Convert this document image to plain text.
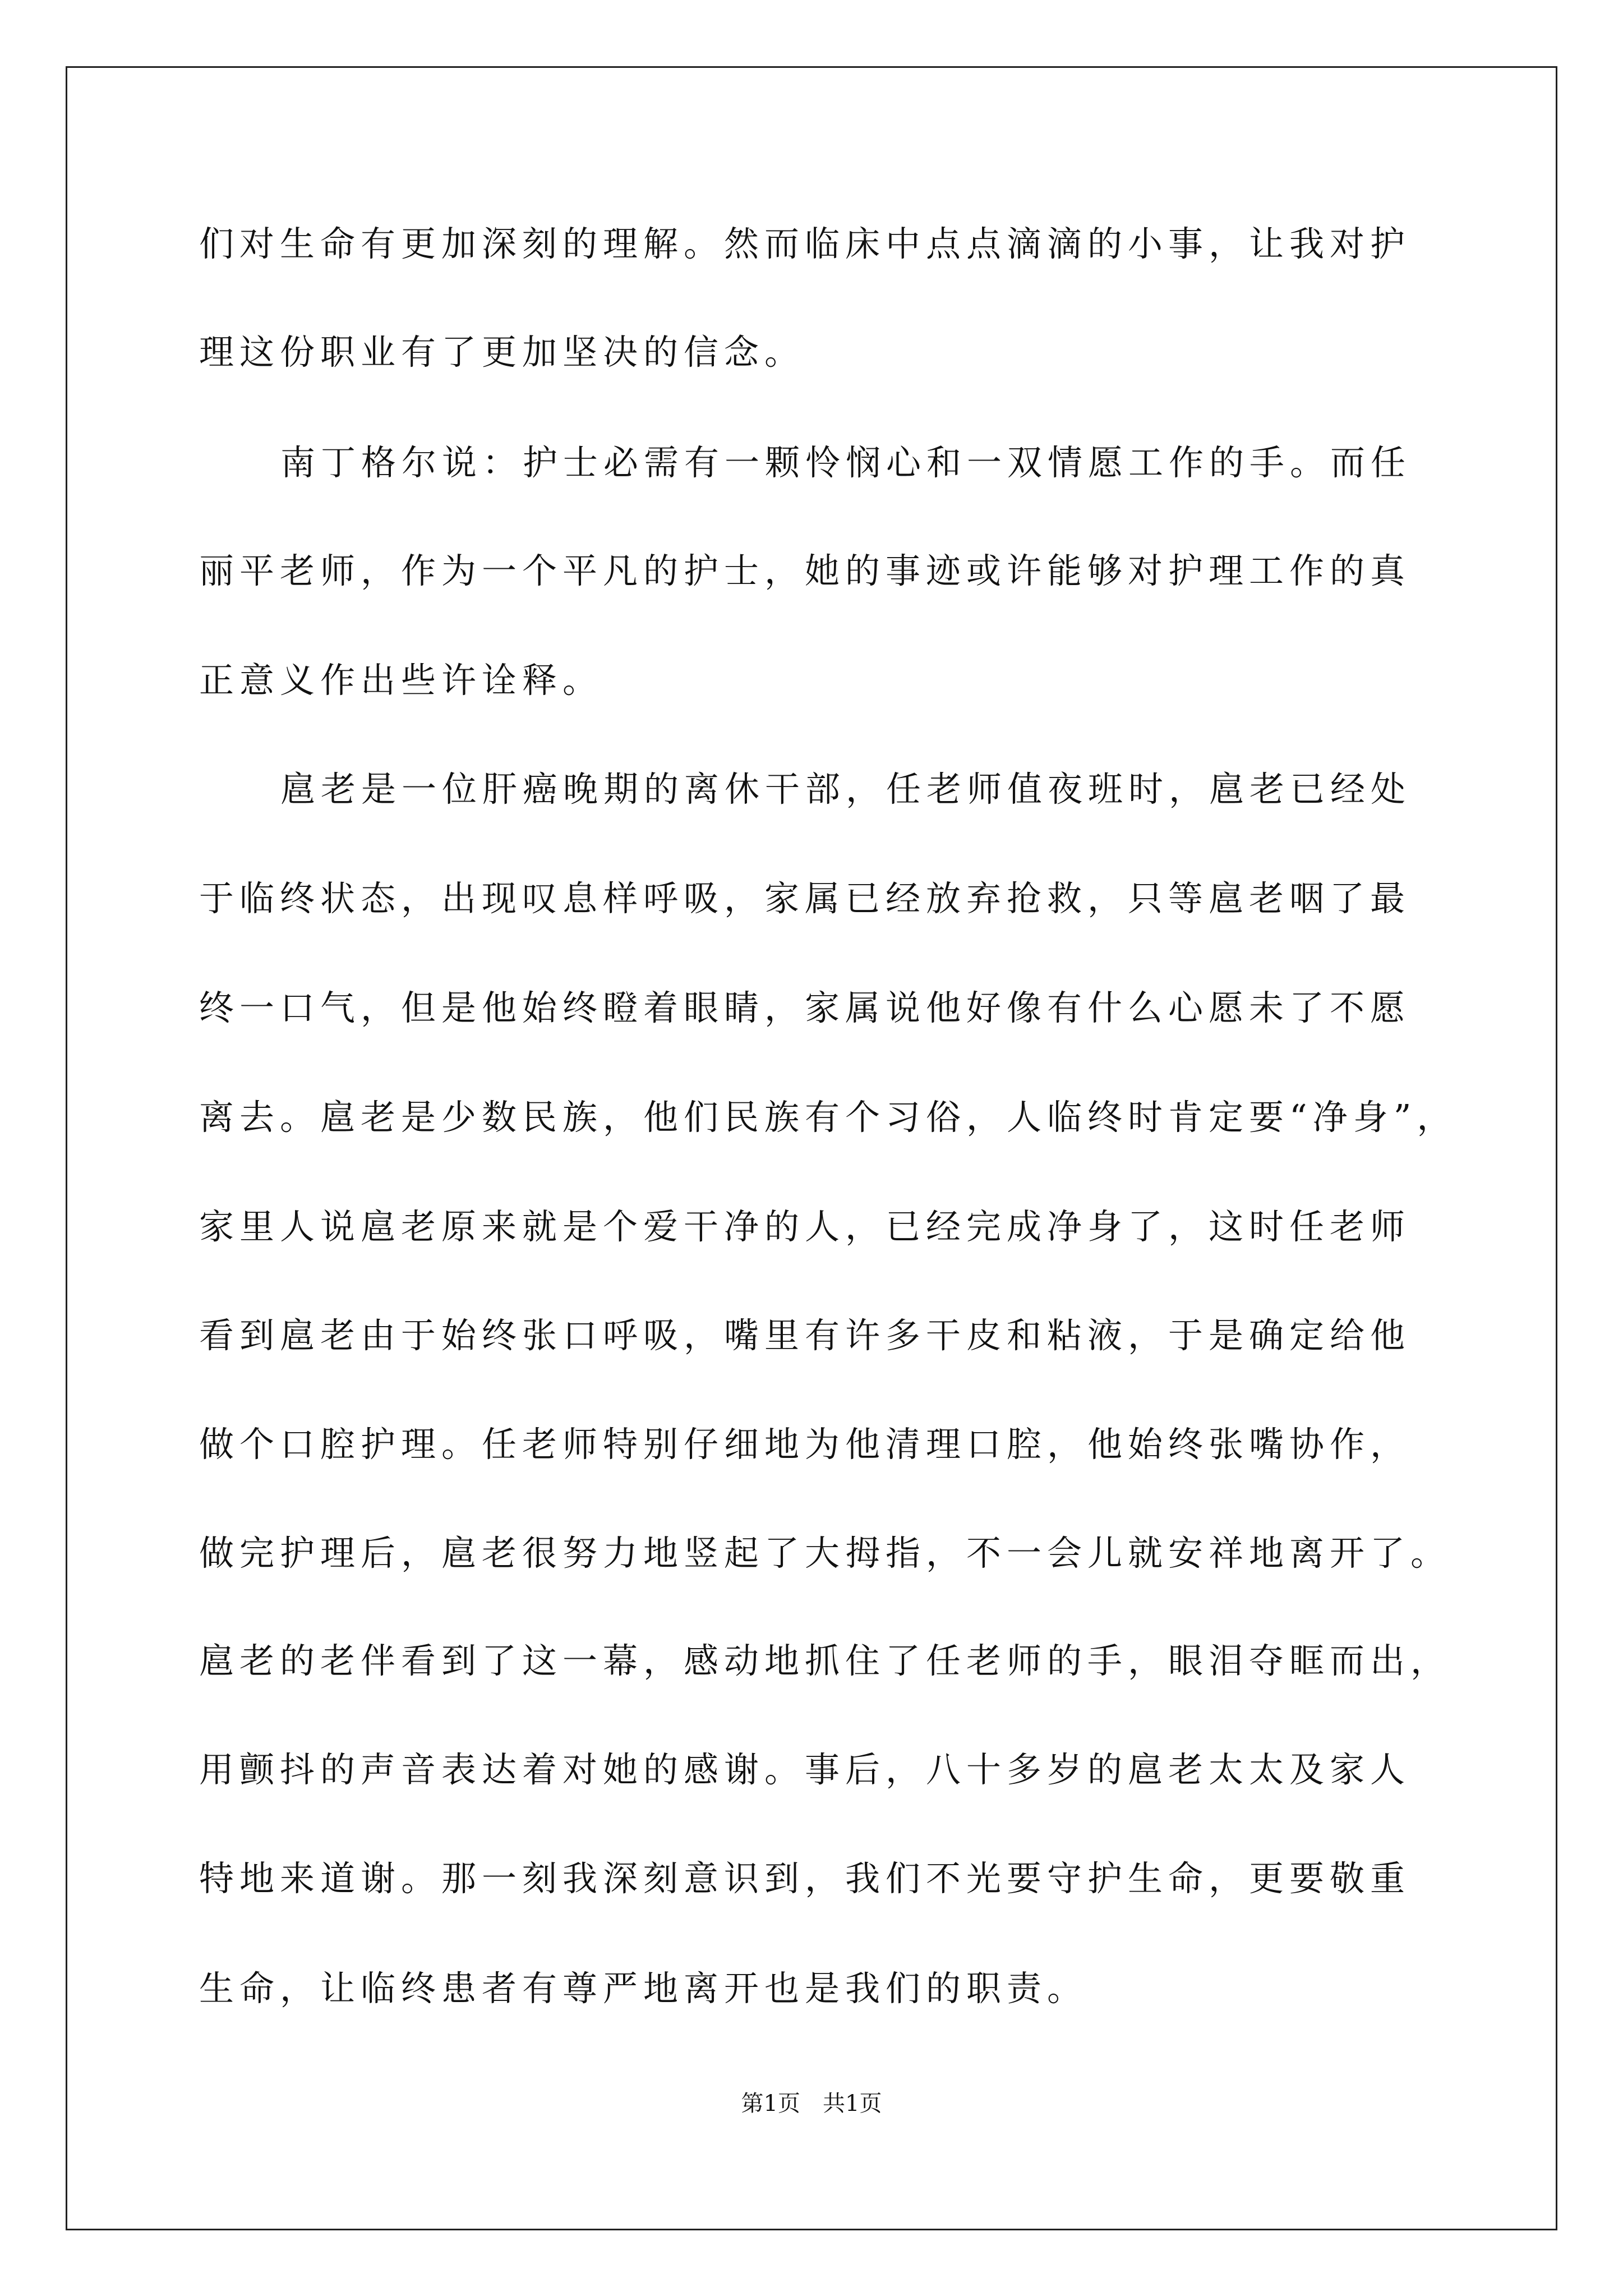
们对生命有更加深刻的理解。然而临床中点点滴滴的小事，让我对护
理这份职业有了更加坚决的信念。
南丁格尔说：护士必需有一颗怜悯心和一双情愿工作的手。而任
丽平老师，作为一个平凡的护士，她的事迹或许能够对护理工作的真
正意义作出些许诠释。
扈老是一位肝癌晚期的离休干部，任老师值夜班时，扈老已经处
于临终状态，出现叹息样呼吸，家属已经放弃抢救，只等扈老咽了最
终一口气，但是他始终瞪着眼睛，家属说他好像有什么心愿未了不愿
离去。扈老是少数民族，他们民族有个习俗，人临终时肯定要“净身”，
家里人说扈老原来就是个爱干净的人，已经完成净身了，这时任老师
看到扈老由于始终张口呼吸，嘴里有许多干皮和粘液，于是确定给他
做个口腔护理。任老师特别仔细地为他清理口腔，他始终张嘴协作，
做完护理后，扈老很努力地竖起了大拇指，不一会儿就安祥地离开了。
扈老的老伴看到了这一幕，感动地抓住了任老师的手，眼泪夺眶而出，
用颤抖的声音表达着对她的感谢。事后，八十多岁的扈老太太及家人
特地来道谢。那一刻我深刻意识到，我们不光要守护生命，更要敬重
生命，让临终患者有尊严地离开也是我们的职责。
第1页　共1页
